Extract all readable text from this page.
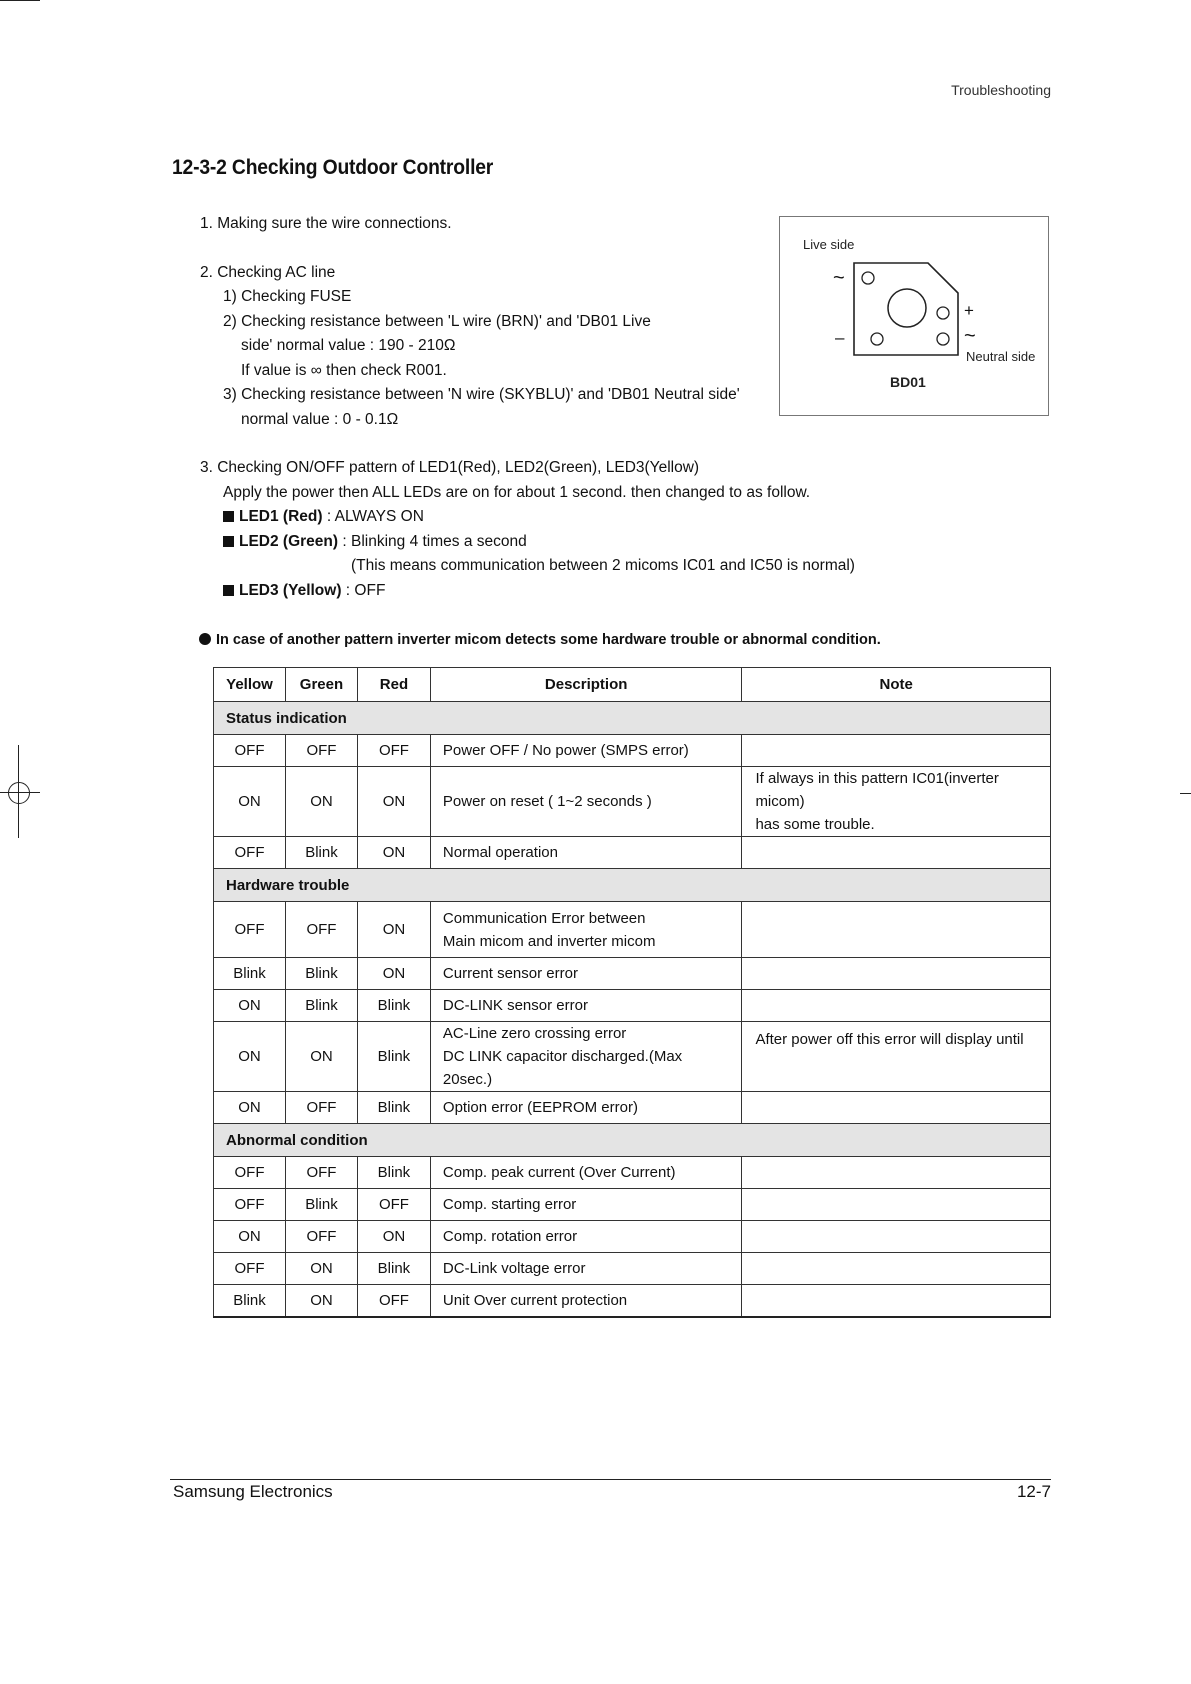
Troubleshooting
12-3-2 Checking Outdoor Controller
1. Making sure the wire connections.
2. Checking AC line
1) Checking FUSE
2) Checking resistance between 'L wire (BRN)' and 'DB01 Live
side' normal value : 190 - 210Ω
If value is ∞ then check R001.
3) Checking resistance between 'N wire (SKYBLU)' and 'DB01 Neutral side'
normal value : 0 - 0.1Ω
3. Checking ON/OFF pattern of LED1(Red), LED2(Green), LED3(Yellow)
Apply the power then ALL LEDs are on for about 1 second. then changed to as follow.
LED1 (Red) : ALWAYS ON
LED2 (Green) : Blinking 4 times a second
(This means communication between 2 micoms IC01 and IC50 is normal)
LED3 (Yellow) : OFF
In case of another pattern inverter micom detects some hardware trouble or abnormal condition.
Live side
~
+
~
–
Neutral side
BD01
Yellow	Green	Red	Description	Note
Status indication				
OFF	OFF	OFF	Power OFF / No power (SMPS error)	
ON	ON	ON	Power on reset ( 1~2 seconds )	If always in this pattern IC01(inverter micom)
has some trouble.

OFF	Blink	ON	Normal operation	
Hardware trouble				
OFF	OFF	ON	Communication Error between
Main micom and inverter micom	

Blink	Blink	ON	Current sensor error	
ON	Blink	Blink	DC-LINK sensor error	
ON	ON	Blink	AC-Line zero crossing error
DC LINK capacitor discharged.(Max 20sec.)	After power off this error will display until
ON	OFF	Blink	Option error (EEPROM error)	
Abnormal condition				
OFF	OFF	Blink	Comp. peak current (Over Current)	
OFF	Blink	OFF	Comp. starting error	
ON	OFF	ON	Comp. rotation error	
OFF	ON	Blink	DC-Link voltage error	
Blink	ON	OFF	Unit Over current protection	
Samsung Electronics	12-7
